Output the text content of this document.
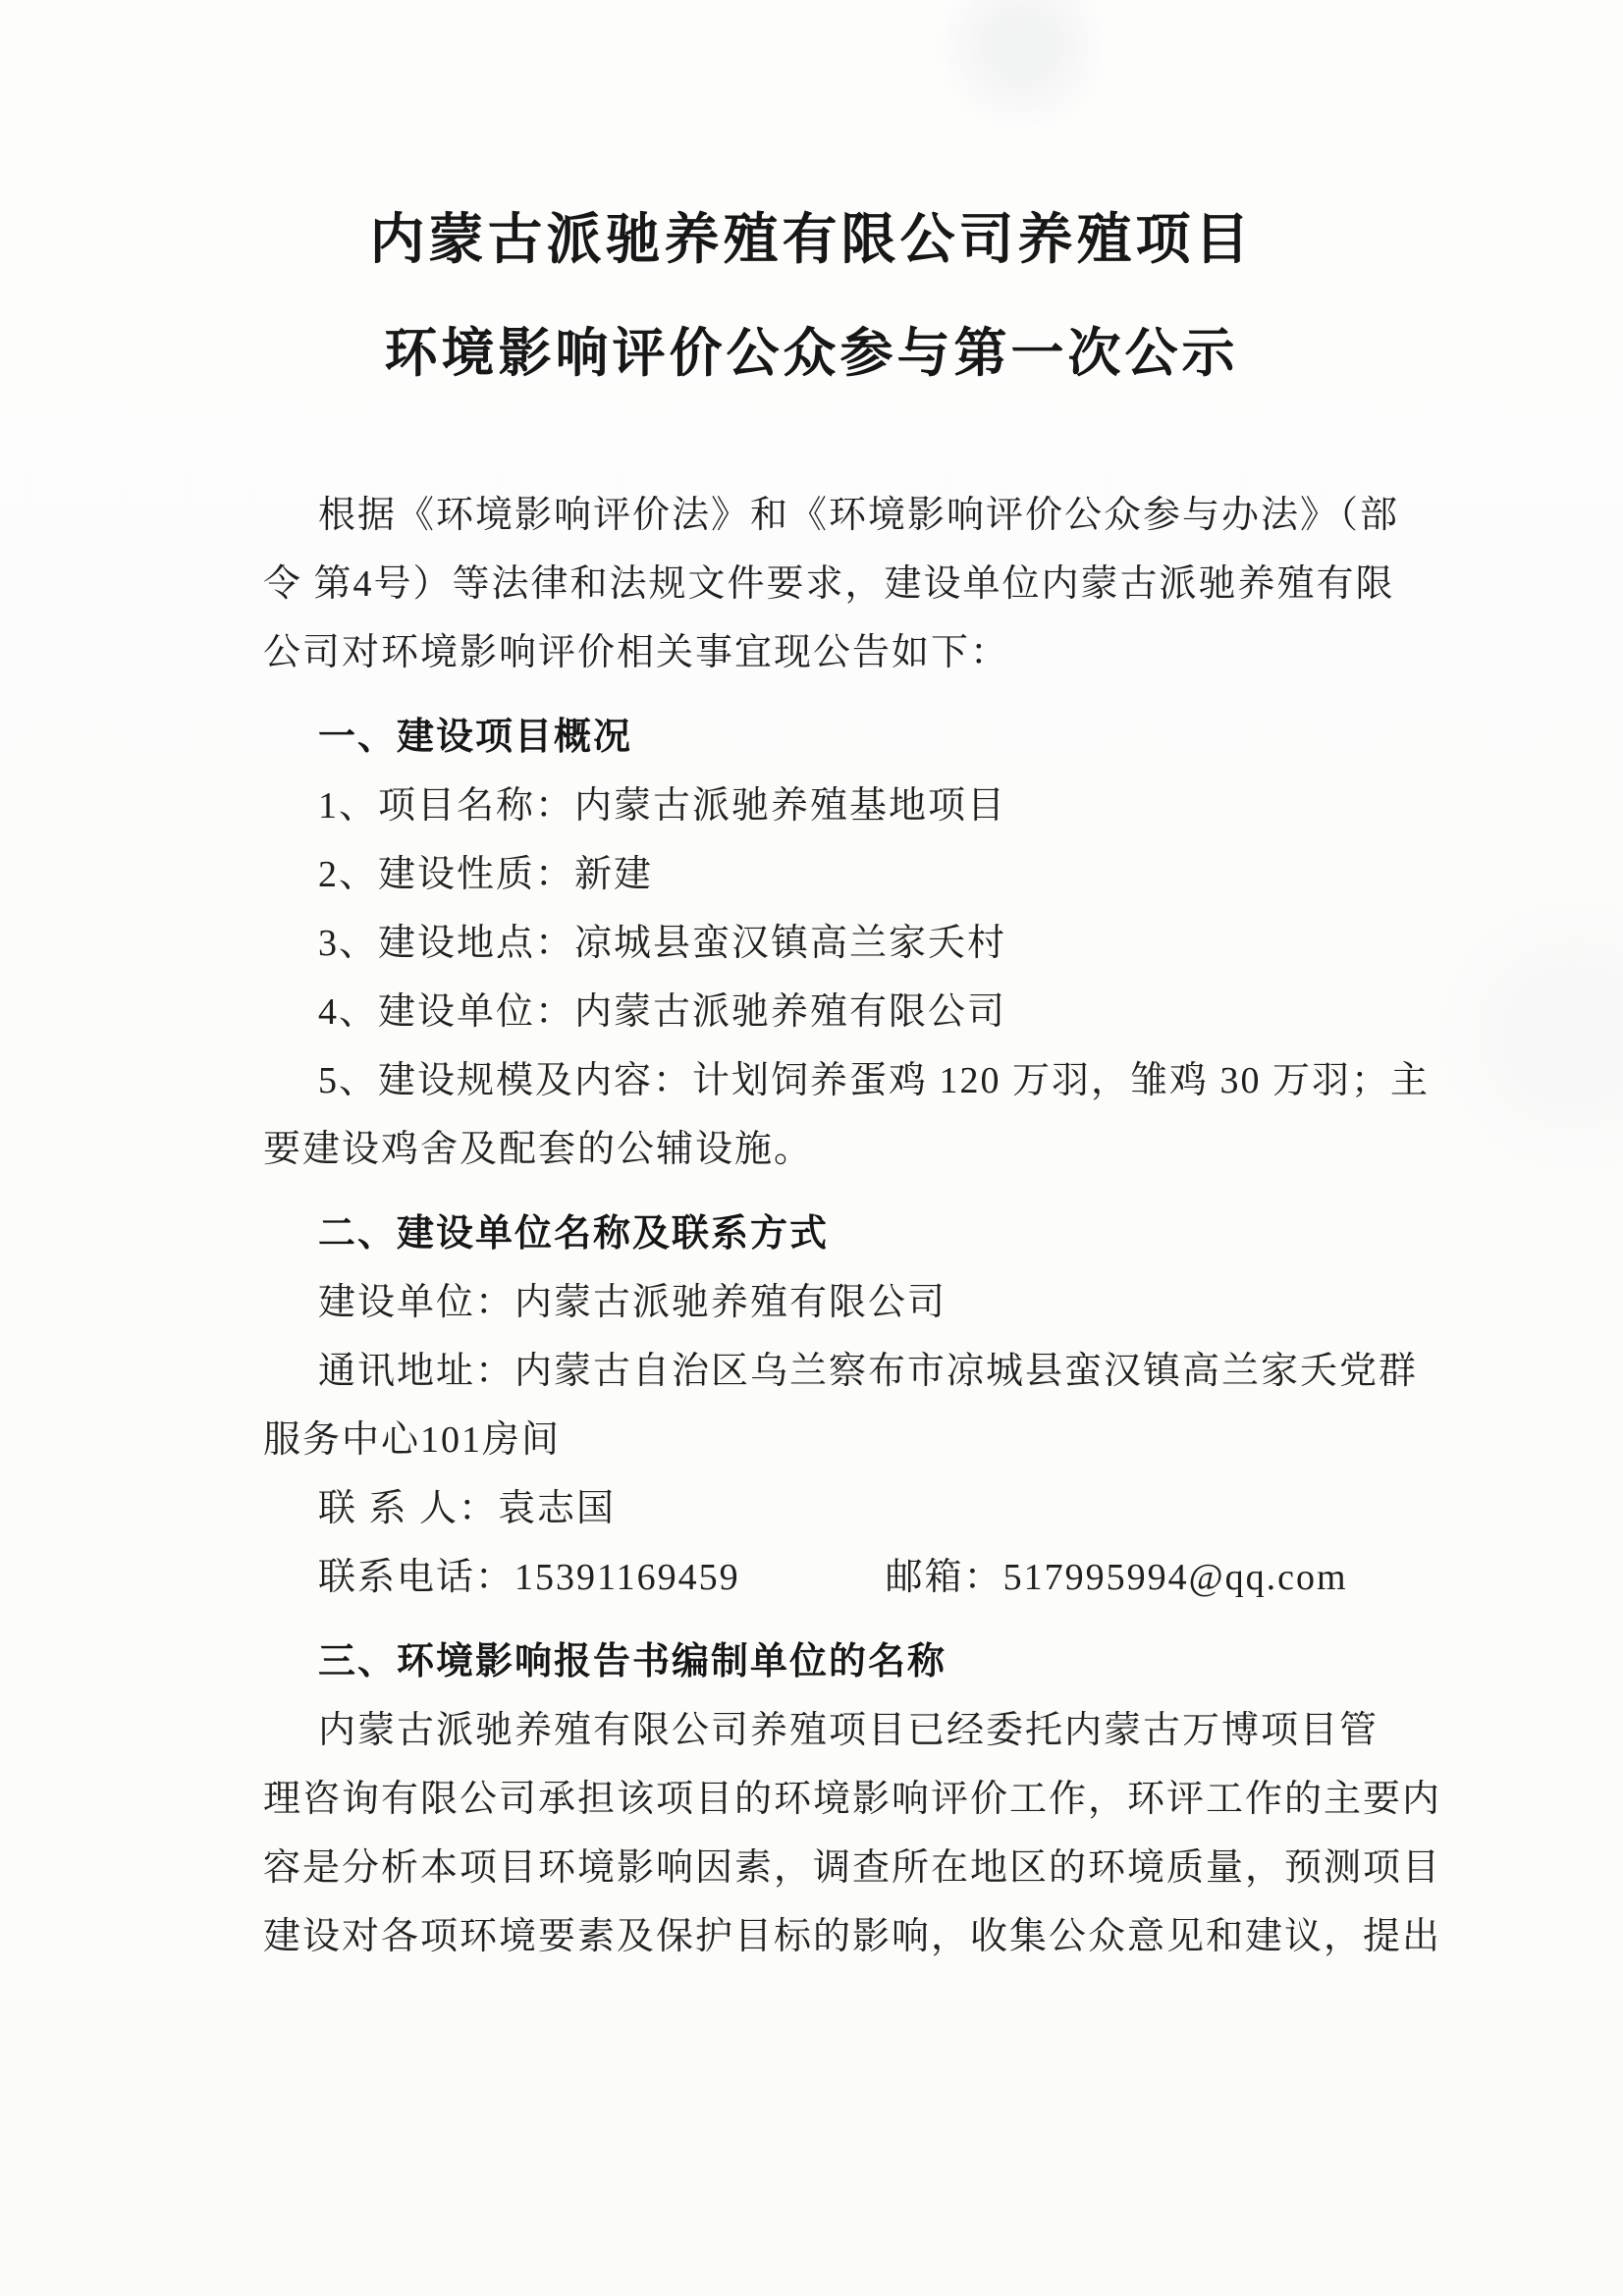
内蒙古派驰养殖有限公司养殖项目
环境影响评价公众参与第一次公示
根据《环境影响评价法》和《环境影响评价公众参与办法》（部
令 第4号）等法律和法规文件要求，建设单位内蒙古派驰养殖有限
公司对环境影响评价相关事宜现公告如下：
一、建设项目概况
1、项目名称：内蒙古派驰养殖基地项目
2、建设性质：新建
3、建设地点：凉城县蛮汉镇高兰家夭村
4、建设单位：内蒙古派驰养殖有限公司
5、建设规模及内容：计划饲养蛋鸡 120 万羽，雏鸡 30 万羽；主
要建设鸡舍及配套的公辅设施。
二、建设单位名称及联系方式
建设单位：内蒙古派驰养殖有限公司
通讯地址：内蒙古自治区乌兰察布市凉城县蛮汉镇高兰家夭党群
服务中心101房间
联 系 人：袁志国
联系电话：15391169459	邮箱：517995994@qq.com
三、环境影响报告书编制单位的名称
内蒙古派驰养殖有限公司养殖项目已经委托内蒙古万博项目管
理咨询有限公司承担该项目的环境影响评价工作，环评工作的主要内
容是分析本项目环境影响因素，调查所在地区的环境质量，预测项目
建设对各项环境要素及保护目标的影响，收集公众意见和建议，提出
